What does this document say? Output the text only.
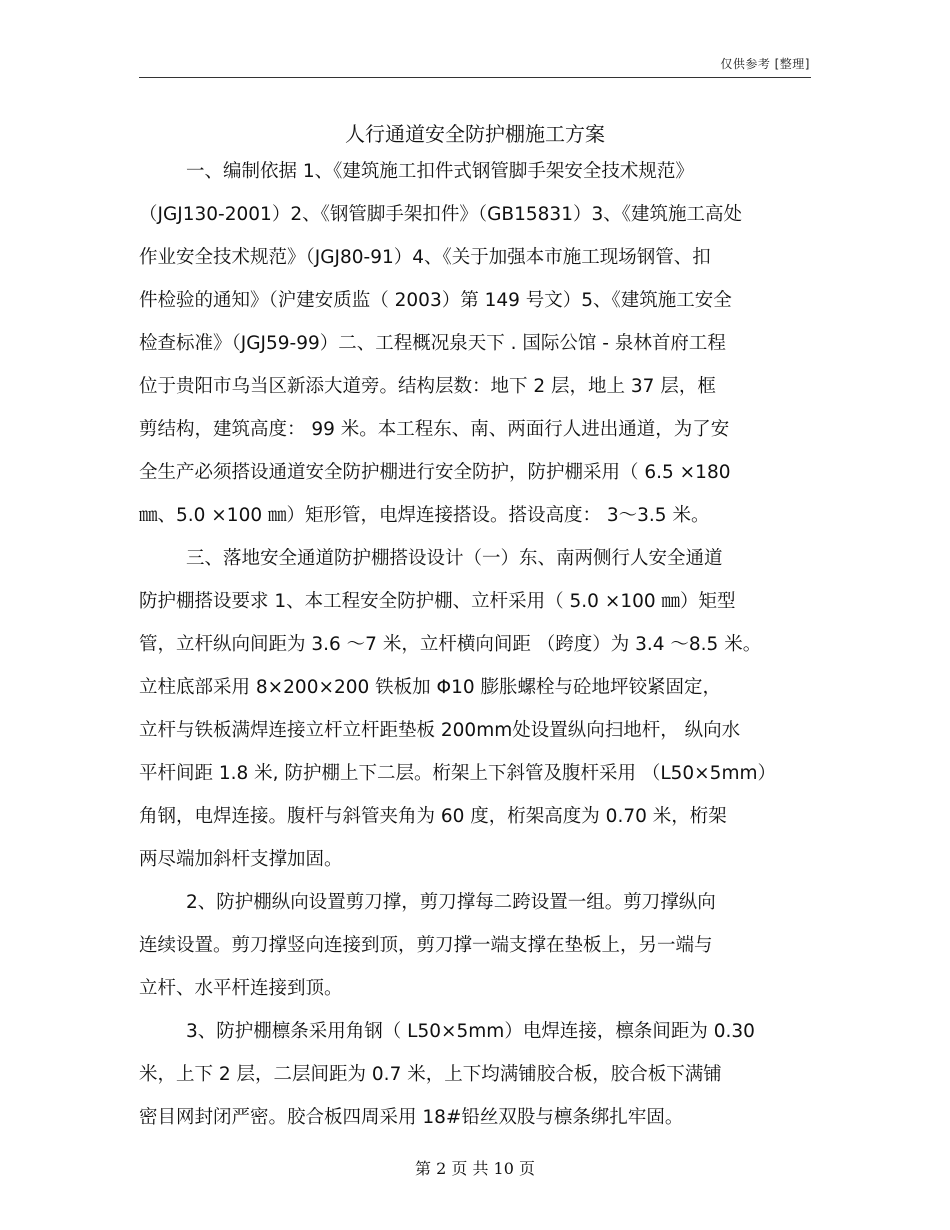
仅供参考 [整理]
人行通道安全防护棚施工方案
一、编制依据 1、《建筑施工扣件式钢管脚手架安全技术规范》
（JGJ130-2001）2、《钢管脚手架扣件》（GB15831）3、《建筑施工高处
作业安全技术规范》（JGJ80-91）4、《关于加强本市施工现场钢管、扣
件检验的通知》（沪建安质监（ 2003）第 149 号文）5、《建筑施工安全
检查标准》（JGJ59-99）二、工程概况泉天下 . 国际公馆 - 泉林首府工程
位于贵阳市乌当区新添大道旁。结构层数：地下 2 层，地上 37 层，框
剪结构，建筑高度： 99 米。本工程东、南、两面行人进出通道，为了安
全生产必须搭设通道安全防护棚进行安全防护，防护棚采用（ 6.5 ×180
㎜、5.0 ×100 ㎜）矩形管，电焊连接搭设。搭设高度： 3～3.5 米。
三、落地安全通道防护棚搭设设计（一）东、南两侧行人安全通道
防护棚搭设要求 1、本工程安全防护棚、立杆采用（ 5.0 ×100 ㎜）矩型
管，立杆纵向间距为 3.6 ～7 米，立杆横向间距 （跨度）为 3.4 ～8.5 米。
立柱底部采用 8×200×200 铁板加 Φ10 膨胀螺栓与砼地坪铰紧固定，
立杆与铁板满焊连接立杆立杆距垫板 200mm处设置纵向扫地杆， 纵向水
平杆间距 1.8 米, 防护棚上下二层。桁架上下斜管及腹杆采用 （L50×5mm）
角钢，电焊连接。腹杆与斜管夹角为 60 度，桁架高度为 0.70 米，桁架
两尽端加斜杆支撑加固。
2、防护棚纵向设置剪刀撑，剪刀撑每二跨设置一组。剪刀撑纵向
连续设置。剪刀撑竖向连接到顶，剪刀撑一端支撑在垫板上，另一端与
立杆、水平杆连接到顶。
3、防护棚檩条采用角钢（ L50×5mm）电焊连接，檩条间距为 0.30
米，上下 2 层，二层间距为 0.7 米，上下均满铺胶合板，胶合板下满铺
密目网封闭严密。胶合板四周采用 18#铅丝双股与檩条绑扎牢固。
第 2 页 共 10 页
